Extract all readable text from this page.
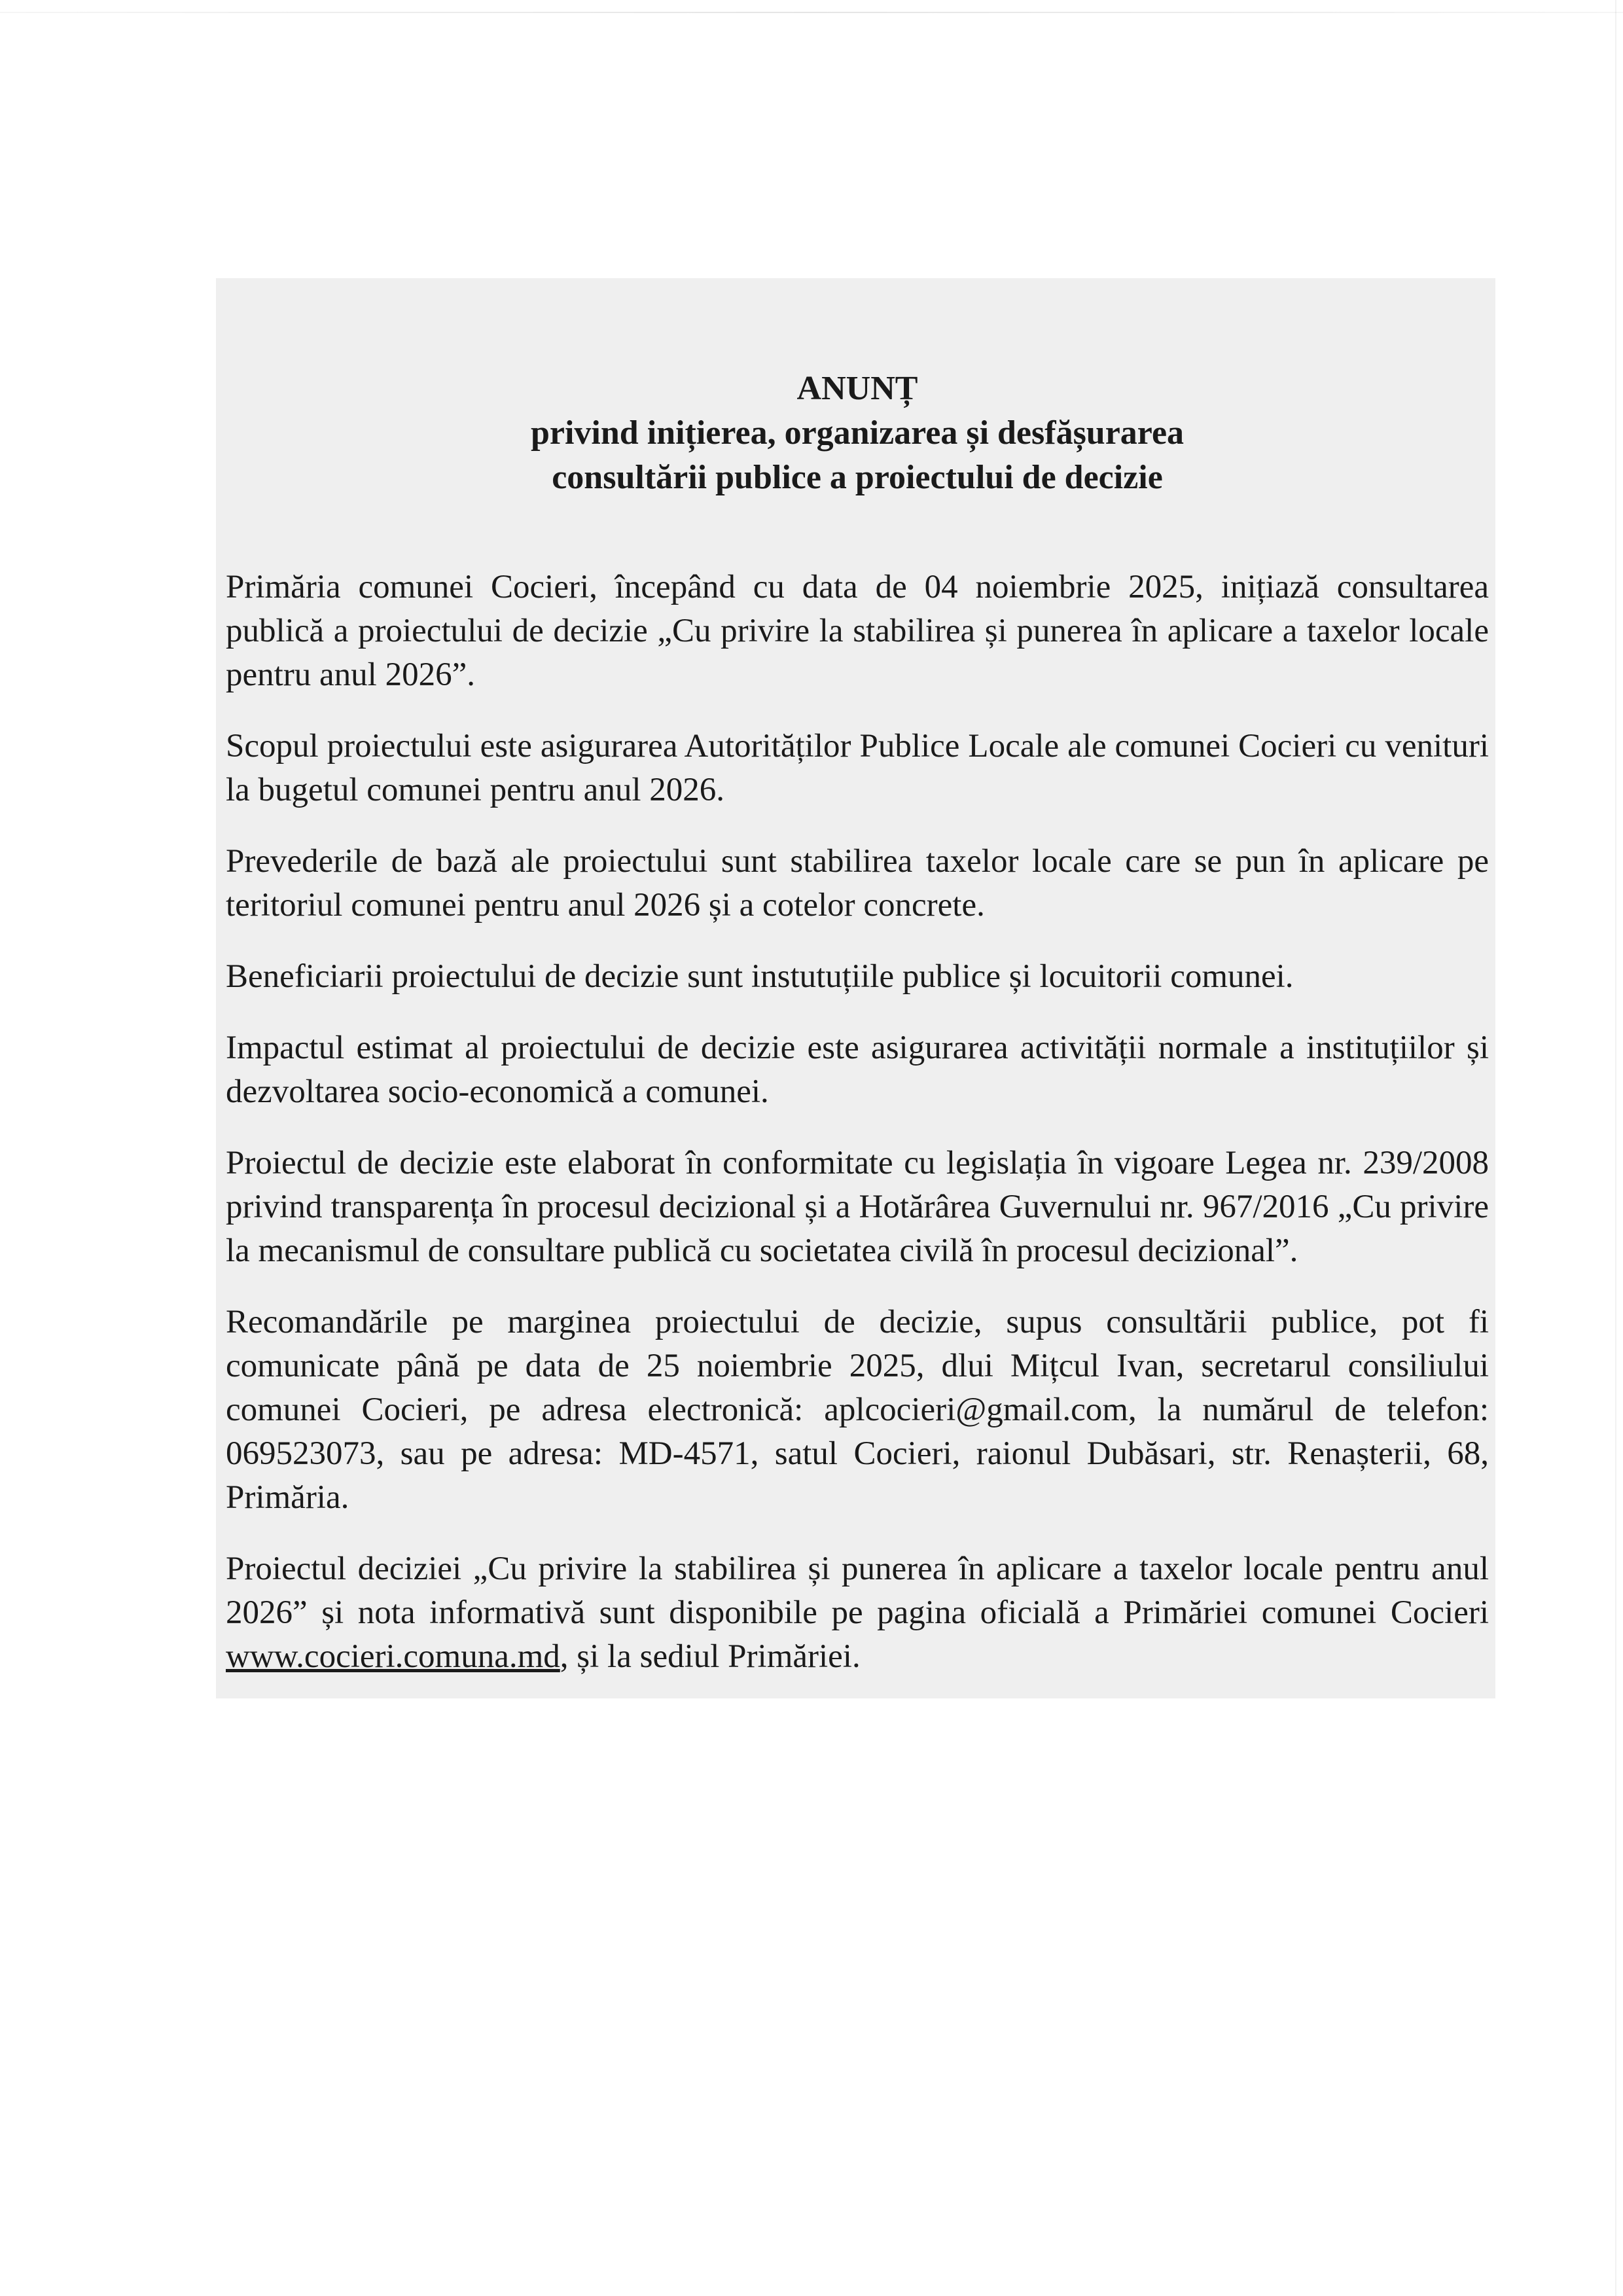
ANUNȚ
privind inițierea, organizarea și desfășurarea
consultării publice a proiectului de decizie

Primăria comunei Cocieri, începând cu data de 04 noiembrie 2025, inițiază consultarea publică a proiectului de decizie „Cu privire la stabilirea și punerea în aplicare a taxelor locale pentru anul 2026”.

Scopul proiectului este asigurarea Autorităților Publice Locale ale comunei Cocieri cu venituri la bugetul comunei pentru anul 2026.

Prevederile de bază ale proiectului sunt stabilirea taxelor locale care se pun în aplicare pe teritoriul comunei pentru anul 2026 și a cotelor concrete.

Beneficiarii proiectului de decizie sunt instutuțiile publice și locuitorii comunei.

Impactul estimat al proiectului de decizie este asigurarea activității normale a instituțiilor și dezvoltarea socio-economică a comunei.

Proiectul de decizie este elaborat în conformitate cu legislația în vigoare Legea nr. 239/2008 privind transparența în procesul decizional și a Hotărârea Guvernului nr. 967/2016 „Cu privire la mecanismul de consultare publică cu societatea civilă în procesul decizional”.

Recomandările pe marginea proiectului de decizie, supus consultării publice, pot fi comunicate până pe data de 25 noiembrie 2025, dlui Mițcul Ivan, secretarul consiliului comunei Cocieri, pe adresa electronică: aplcocieri@gmail.com, la numărul de telefon: 069523073, sau pe adresa: MD-4571, satul Cocieri, raionul Dubăsari, str. Renașterii, 68, Primăria.

Proiectul deciziei „Cu privire la stabilirea și punerea în aplicare a taxelor locale pentru anul 2026” și nota informativă sunt disponibile pe pagina oficială a Primăriei comunei Cocieri www.cocieri.comuna.md, și la sediul Primăriei.
